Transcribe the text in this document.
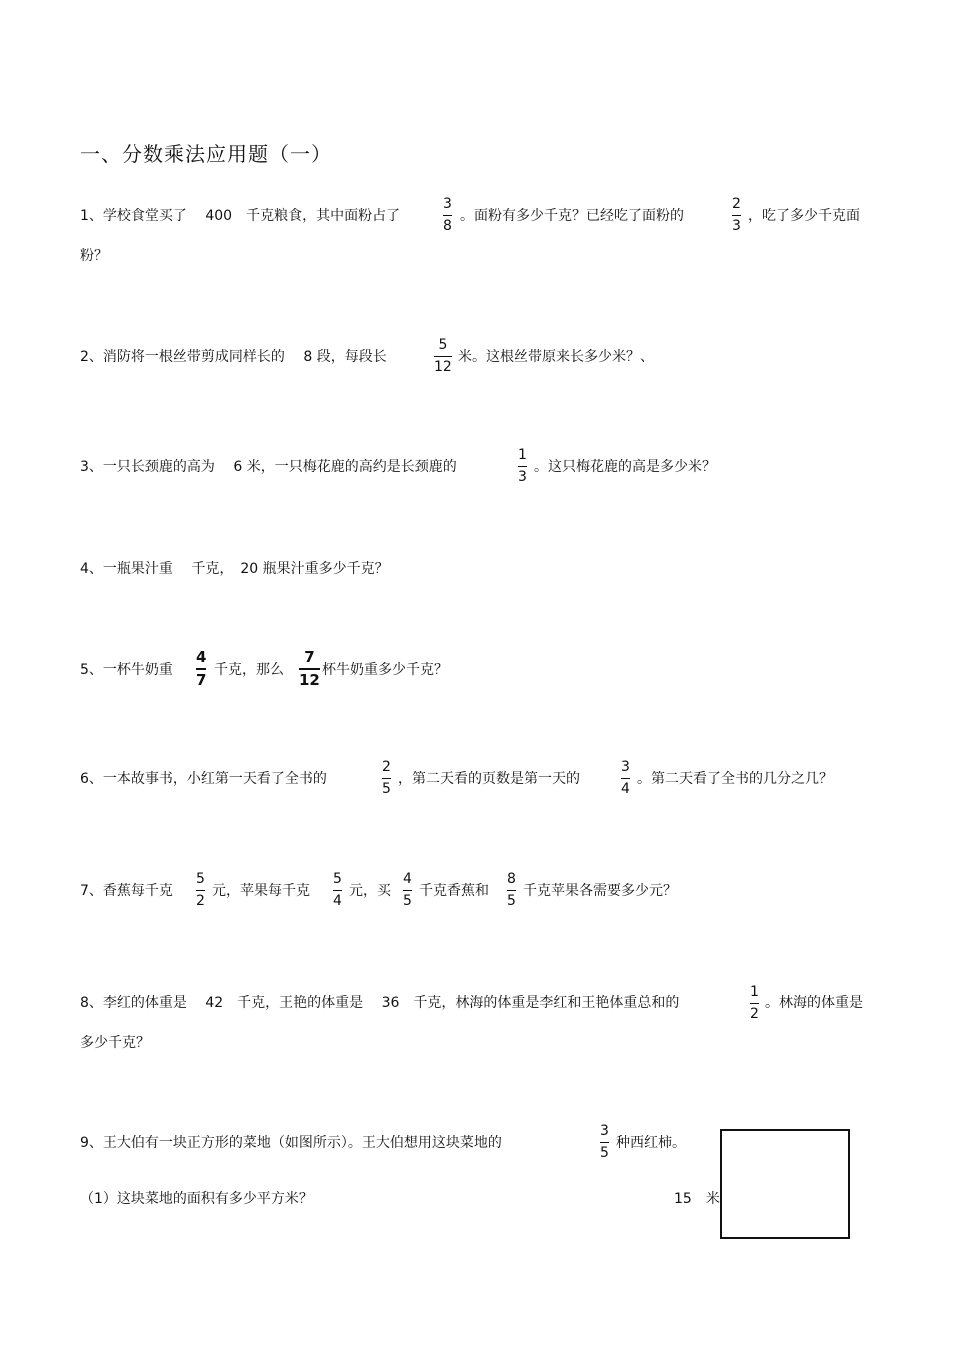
一、分数乘法应用题（一）
1、学校食堂买了　 400　千克粮食，其中面粉占了
3
8
。面粉有多少千克？已经吃了面粉的
2
3
，吃了多少千克面
粉？
2、消防将一根丝带剪成同样长的　 8 段，每段长
5
12
米。这根丝带原来长多少米？、
3、一只长颈鹿的高为　 6 米，一只梅花鹿的高约是长颈鹿的
1
3
。这只梅花鹿的高是多少米？
4、一瓶果汁重　 千克，　20 瓶果汁重多少千克？
5、一杯牛奶重
4
7
千克，那么
7
12
杯牛奶重多少千克？
6、一本故事书，小红第一天看了全书的
2
5
，第二天看的页数是第一天的
3
4
。第二天看了全书的几分之几？
7、香蕉每千克
5
2
元，苹果每千克
5
4
元，买
4
5
千克香蕉和
8
5
千克苹果各需要多少元？
8、李红的体重是　 42　千克，王艳的体重是　 36　千克，林海的体重是李红和王艳体重总和的
1
2
。林海的体重是
多少千克？
9、王大伯有一块正方形的菜地（如图所示）。王大伯想用这块菜地的
3
5
种西红柿。
（1）这块菜地的面积有多少平方米？	15　米
